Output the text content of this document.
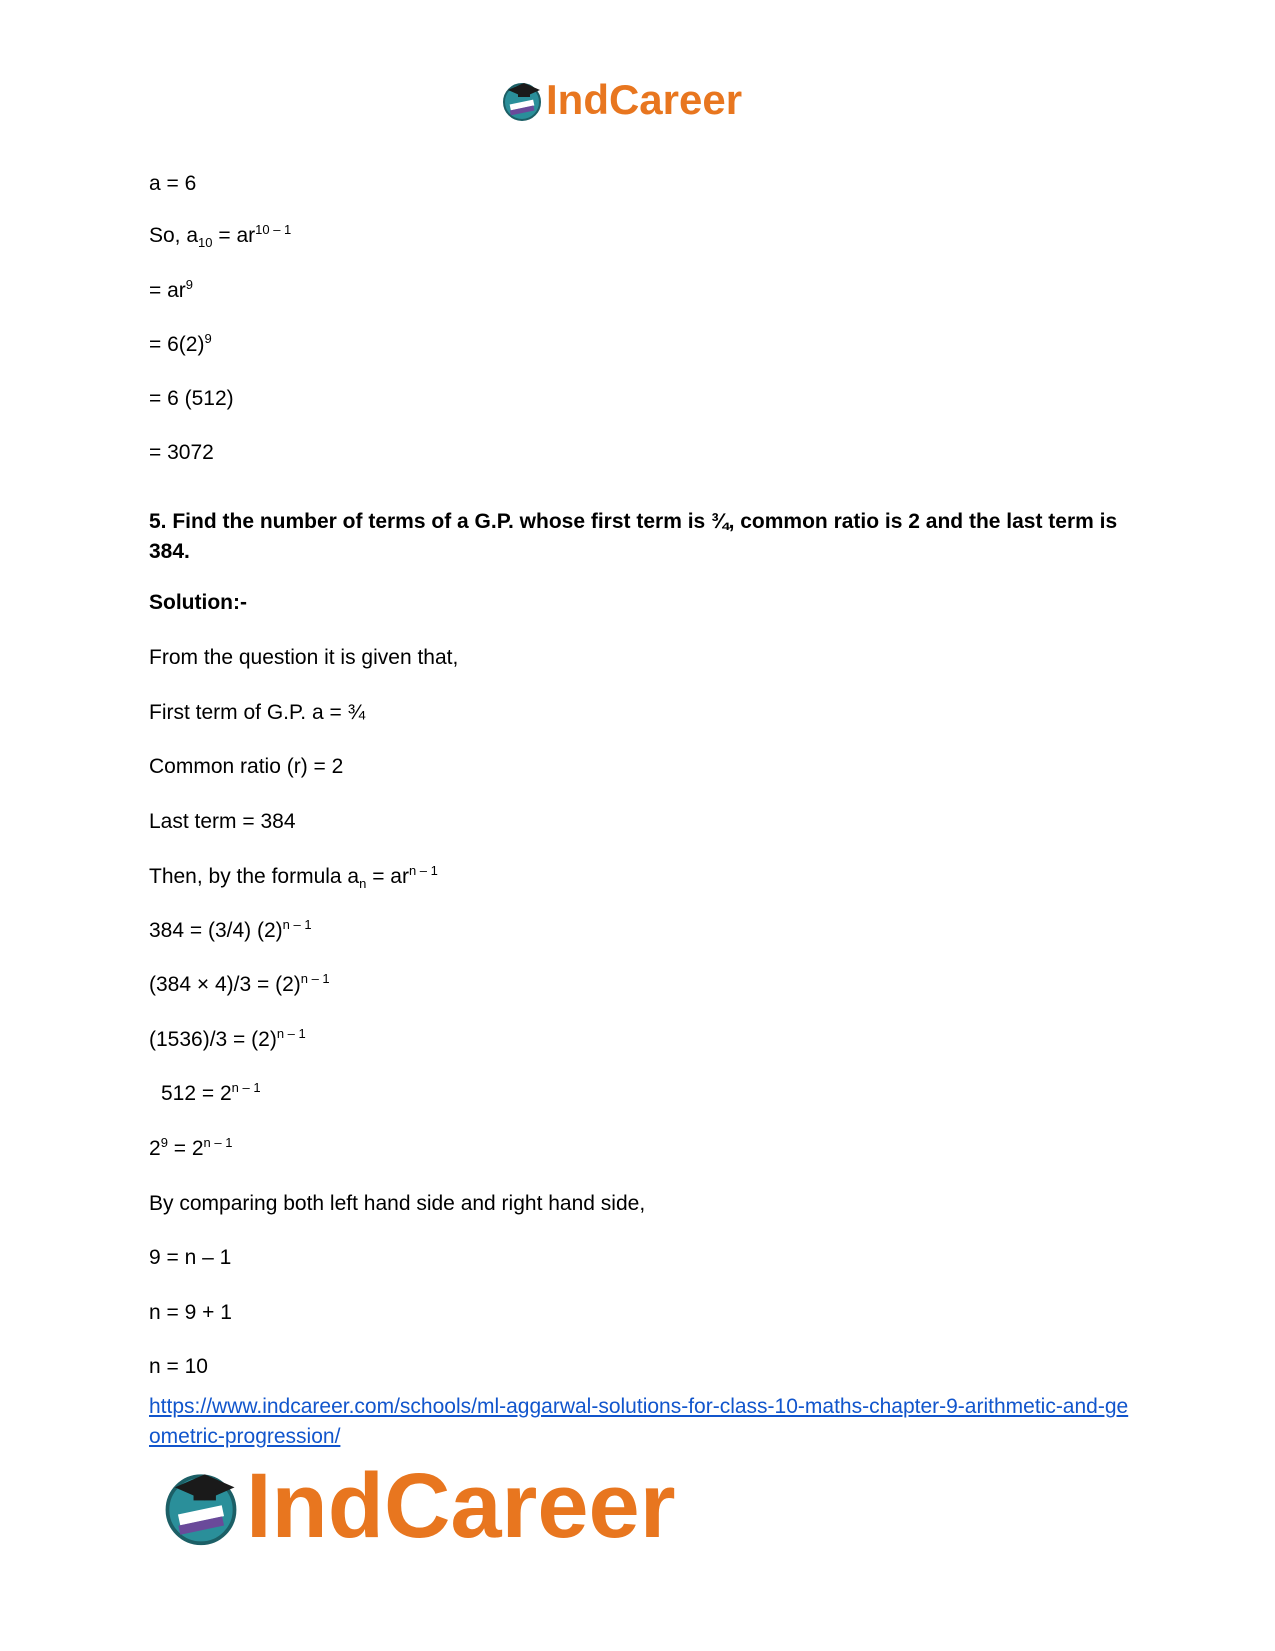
IndCareer
a = 6
So, $a_{10} = ar^{10 - 1}$
= $ar^9$
= $6(2)^9$
= 6 (512)
= 3072
5. Find the number of terms of a G.P. whose first term is ¾, common ratio is 2 and the last term is 384.
Solution:-
From the question it is given that,
First term of G.P. a = ¾
Common ratio (r) = 2
Last term = 384
Then, by the formula $a_n = ar^{n - 1}$
384 = (3/4) $(2)^{n - 1}$
$(384 \times 4)/3 = (2)^{n - 1}$
$(1536)/3 = (2)^{n - 1}$
$512 = 2^{n - 1}$
$2^9 = 2^{n - 1}$
By comparing both left hand side and right hand side,
9 = n – 1
n = 9 + 1
n = 10
https://www.indcareer.com/schools/ml-aggarwal-solutions-for-class-10-maths-chapter-9-arithmetic-and-geometric-progression/
IndCareer
